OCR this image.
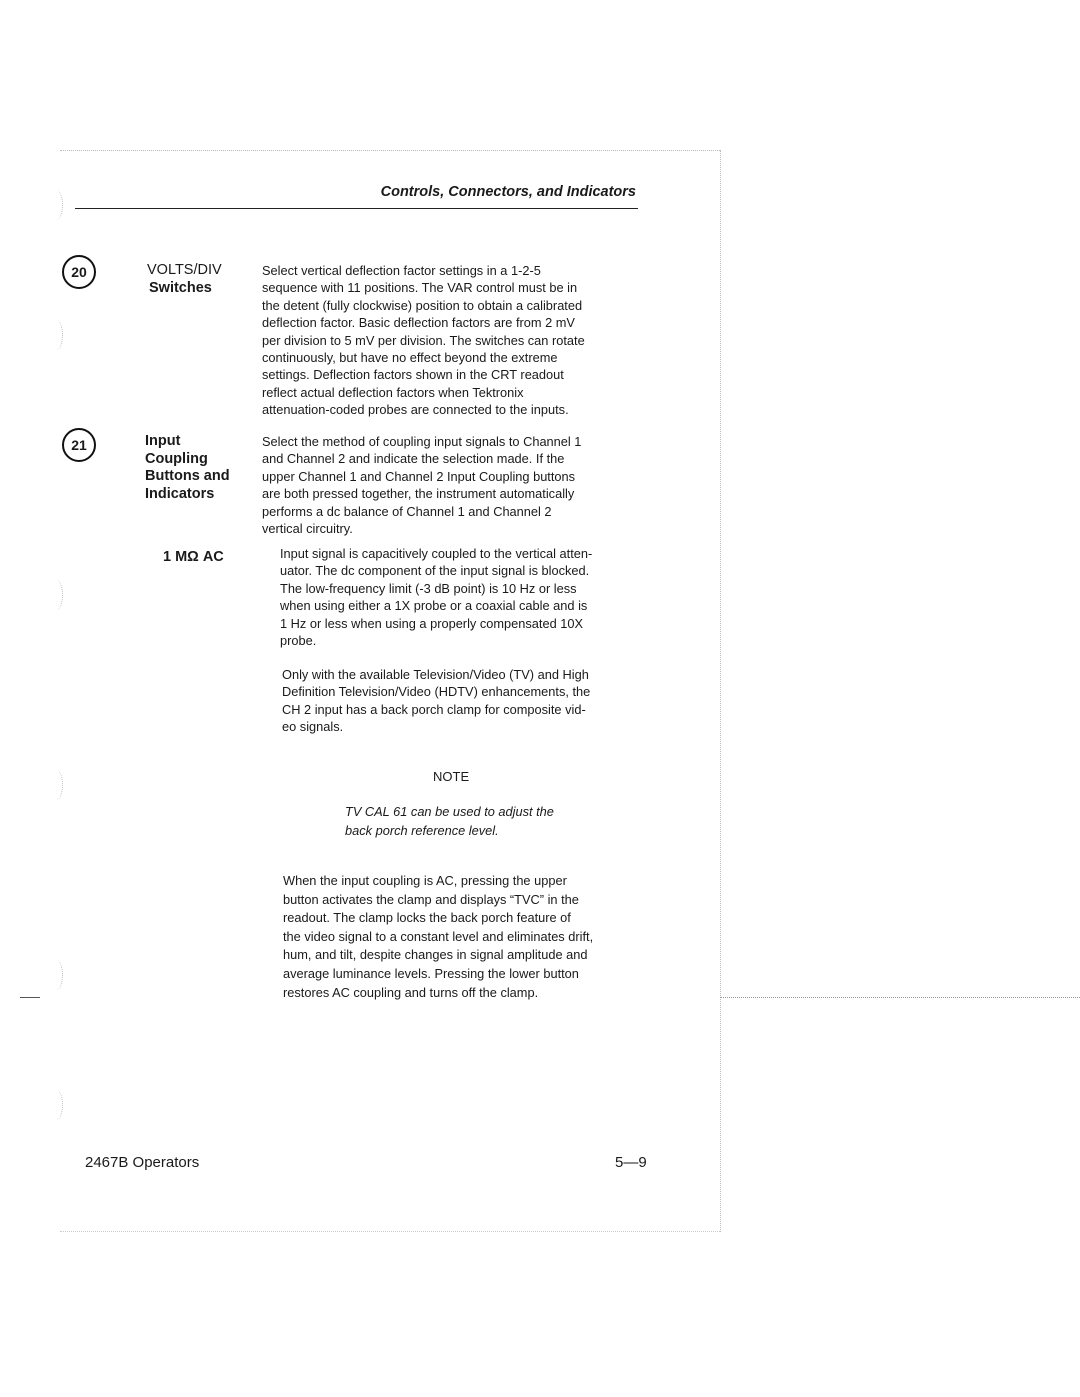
Controls, Connectors, and Indicators
20	VOLTS/DIV
Switches
Select vertical deflection factor settings in a 1-2-5
sequence with 11 positions. The VAR control must be in
the detent (fully clockwise) position to obtain a calibrated
deflection factor. Basic deflection factors are from 2 mV
per division to 5 mV per division. The switches can rotate
continuously, but have no effect beyond the extreme
settings. Deflection factors shown in the CRT readout
reflect actual deflection factors when Tektronix
attenuation-coded probes are connected to the inputs.
21	Input
Coupling
Buttons and
Indicators
Select the method of coupling input signals to Channel 1
and Channel 2 and indicate the selection made. If the
upper Channel 1 and Channel 2 Input Coupling buttons
are both pressed together, the instrument automatically
performs a dc balance of Channel 1 and Channel 2
vertical circuitry.
1 MΩ AC	Input signal is capacitively coupled to the vertical atten-
uator. The dc component of the input signal is blocked.
The low-frequency limit (-3 dB point) is 10 Hz or less
when using either a 1X probe or a coaxial cable and is
1 Hz or less when using a properly compensated 10X
probe.
Only with the available Television/Video (TV) and High
Definition Television/Video (HDTV) enhancements, the
CH 2 input has a back porch clamp for composite vid-
eo signals.
NOTE
TV CAL 61 can be used to adjust the
back porch reference level.
When the input coupling is AC, pressing the upper
button activates the clamp and displays “TVC” in the
readout. The clamp locks the back porch feature of
the video signal to a constant level and eliminates drift,
hum, and tilt, despite changes in signal amplitude and
average luminance levels. Pressing the lower button
restores AC coupling and turns off the clamp.
2467B Operators	5—9
